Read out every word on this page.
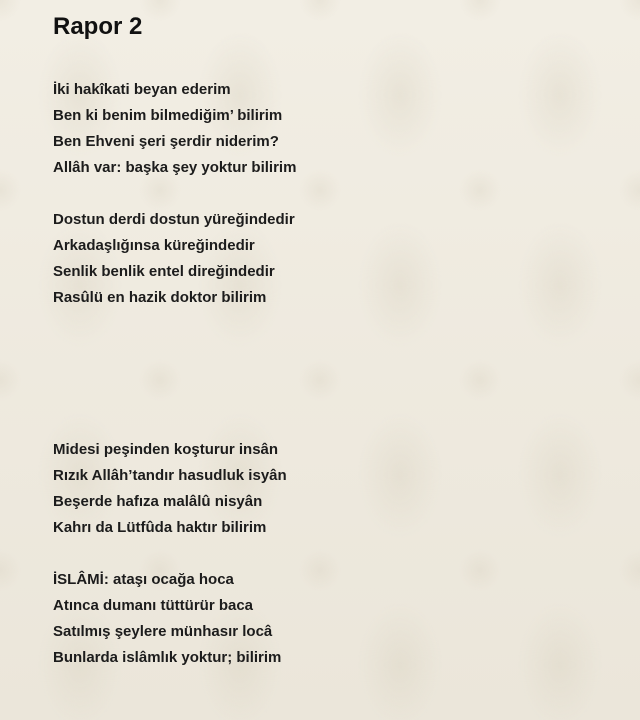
Rapor 2
İki hakîkati beyan ederim
Ben ki benim bilmediğim’ bilirim
Ben Ehveni şeri şerdir niderim?
Allâh var: başka şey yoktur bilirim
Dostun derdi dostun yüreğindedir
Arkadaşlığınsa küreğindedir
Senlik benlik entel direğindedir
Rasûlü en hazik doktor bilirim
Midesi peşinden koşturur insân
Rızık Allâh’tandır hasudluk isyân
Beşerde hafıza malâlû nisyân
Kahrı da Lütfûda haktır bilirim
İSLÂMİ: ataşı ocağa hoca
Atınca dumanı tüttürür baca
Satılmış şeylere münhasır locâ
Bunlarda islâmlık yoktur; bilirim
